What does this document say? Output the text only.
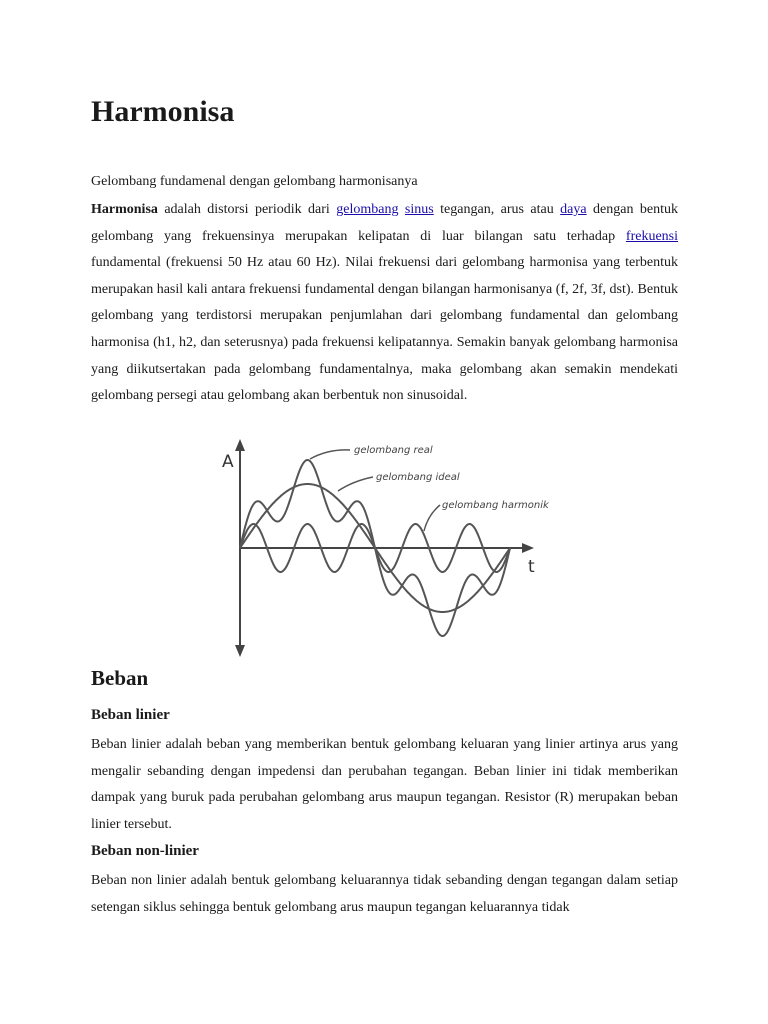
Harmonisa

Gelombang fundamenal dengan gelombang harmonisanya

Harmonisa adalah distorsi periodik dari gelombang sinus tegangan, arus atau daya dengan bentuk gelombang yang frekuensinya merupakan kelipatan di luar bilangan satu terhadap frekuensi fundamental (frekuensi 50 Hz atau 60 Hz). Nilai frekuensi dari gelombang harmonisa yang terbentuk merupakan hasil kali antara frekuensi fundamental dengan bilangan harmonisanya (f, 2f, 3f, dst). Bentuk gelombang yang terdistorsi merupakan penjumlahan dari gelombang fundamental dan gelombang harmonisa (h1, h2, dan seterusnya) pada frekuensi kelipatannya. Semakin banyak gelombang harmonisa yang diikutsertakan pada gelombang fundamentalnya, maka gelombang akan semakin mendekati gelombang persegi atau gelombang akan berbentuk non sinusoidal.

Beban
Beban linier

Beban linier adalah beban yang memberikan bentuk gelombang keluaran yang linier artinya arus yang mengalir sebanding dengan impedensi dan perubahan tegangan. Beban linier ini tidak memberikan dampak yang buruk pada perubahan gelombang arus maupun tegangan. Resistor (R) merupakan beban linier tersebut.

Beban non-linier

Beban non linier adalah bentuk gelombang keluarannya tidak sebanding dengan tegangan dalam setiap setengan siklus sehingga bentuk gelombang arus maupun tegangan keluarannya tidak

A
t
gelombang real
gelombang ideal
gelombang harmonik
